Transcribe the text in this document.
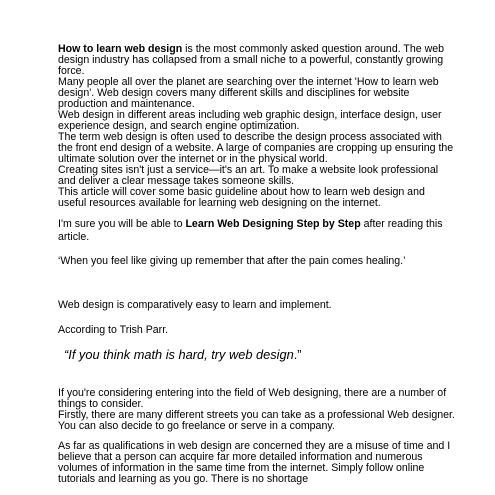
How to learn web design is the most commonly asked question around. The web design industry has collapsed from a small niche to a powerful, constantly growing force.

Many people all over the planet are searching over the internet 'How to learn web design'. Web design covers many different skills and disciplines for website production and maintenance.

Web design in different areas including web graphic design, interface design, user experience design, and search engine optimization.

The term web design is often used to describe the design process associated with the front end design of a website. A large of companies are cropping up ensuring the ultimate solution over the internet or in the physical world.

Creating sites isn't just a service—it's an art. To make a website look professional and deliver a clear message takes someone skills.

This article will cover some basic guideline about how to learn web design and useful resources available for learning web designing on the internet.

I'm sure you will be able to Learn Web Designing Step by Step after reading this article.

‘When you feel like giving up remember that after the pain comes healing.’

Web design is comparatively easy to learn and implement.

According to Trish Parr.

“If you think math is hard, try web design.”

If you're considering entering into the field of Web designing, there are a number of things to consider.

Firstly, there are many different streets you can take as a professional Web designer. You can also decide to go freelance or serve in a company.

As far as qualifications in web design are concerned they are a misuse of time and I believe that a person can acquire far more detailed information and numerous volumes of information in the same time from the internet. Simply follow online tutorials and learning as you go. There is no shortage
